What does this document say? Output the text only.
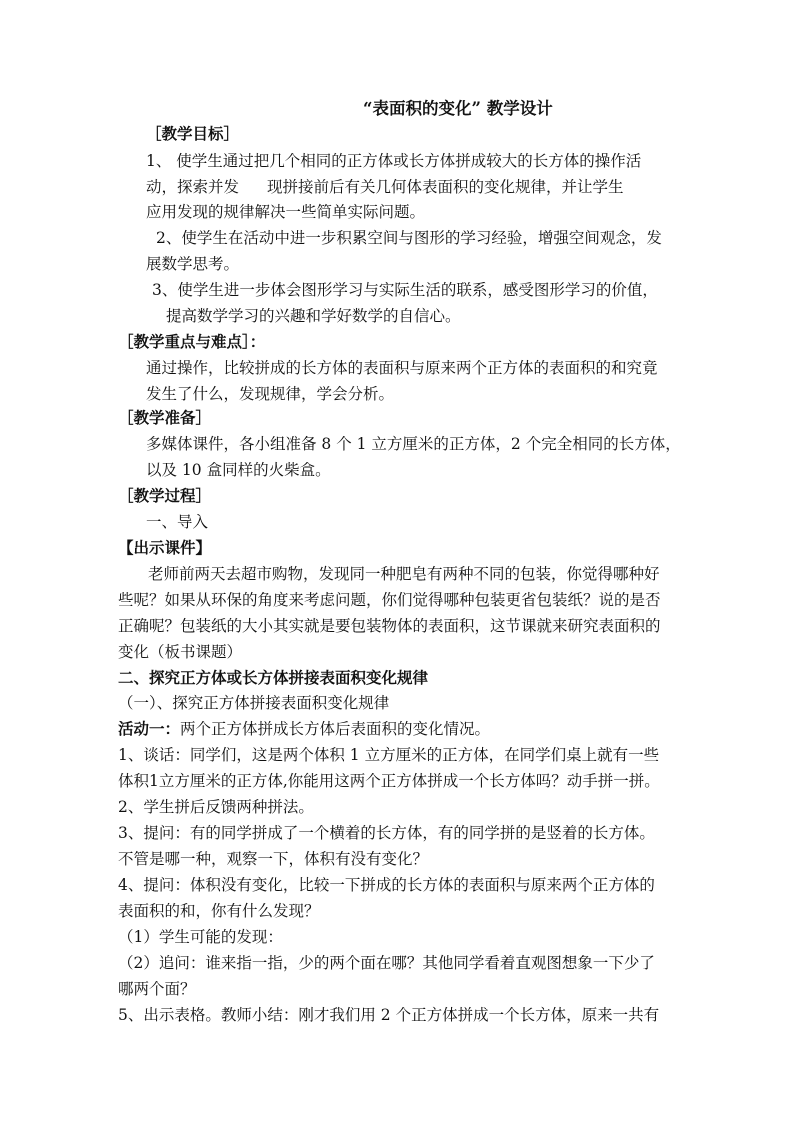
“表面积的变化” 教学设计
［教学目标］
1、 使学生通过把几个相同的正方体或长方体拼成较大的长方体的操作活
动，探索并发 现拼接前后有关几何体表面积的变化规律，并让学生
应用发现的规律解决一些简单实际问题。
2、使学生在活动中进一步积累空间与图形的学习经验，增强空间观念，发
展数学思考。
3、使学生进一步体会图形学习与实际生活的联系，感受图形学习的价值，
提高数学学习的兴趣和学好数学的自信心。
［教学重点与难点］：
通过操作，比较拼成的长方体的表面积与原来两个正方体的表面积的和究竟
发生了什么，发现规律，学会分析。
［教学准备］
多媒体课件，各小组准备 8 个 1 立方厘米的正方体，2 个完全相同的长方体，
以及 10 盒同样的火柴盒。
［教学过程］
一、导入
【出示课件】
老师前两天去超市购物，发现同一种肥皂有两种不同的包装，你觉得哪种好
些呢？如果从环保的角度来考虑问题，你们觉得哪种包装更省包装纸？说的是否
正确呢？包装纸的大小其实就是要包装物体的表面积，这节课就来研究表面积的
变化（板书课题）
二、探究正方体或长方体拼接表面积变化规律
（一）、探究正方体拼接表面积变化规律
活动一：两个正方体拼成长方体后表面积的变化情况。
1、谈话：同学们，这是两个体积 1 立方厘米的正方体，在同学们桌上就有一些
体积1立方厘米的正方体,你能用这两个正方体拼成一个长方体吗？动手拼一拼。
2、学生拼后反馈两种拼法。
3、提问：有的同学拼成了一个横着的长方体，有的同学拼的是竖着的长方体。
不管是哪一种，观察一下，体积有没有变化？
4、提问：体积没有变化，比较一下拼成的长方体的表面积与原来两个正方体的
表面积的和，你有什么发现？
（1）学生可能的发现：
（2）追问：谁来指一指，少的两个面在哪？其他同学看着直观图想象一下少了
哪两个面？
5、出示表格。教师小结：刚才我们用 2 个正方体拼成一个长方体，原来一共有
